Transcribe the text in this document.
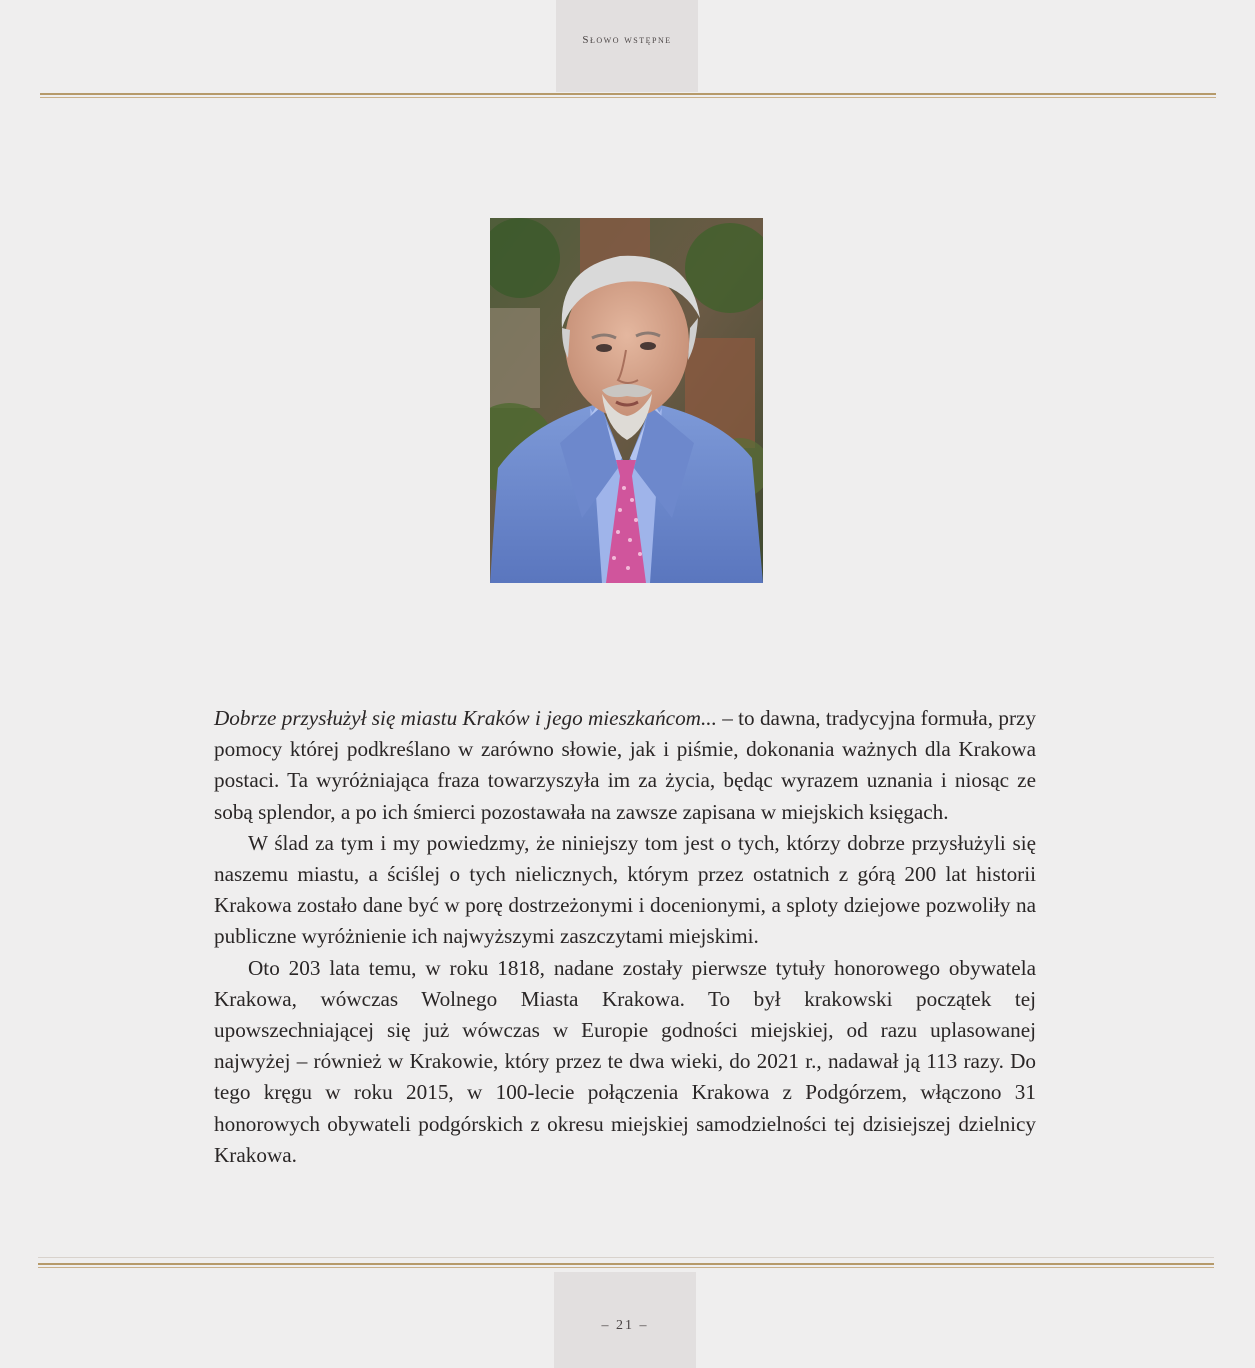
Słowo wstępne

Dobrze przysłużył się miastu Kraków i jego mieszkańcom... – to dawna, tradycyjna formuła, przy pomocy której podkreślano w zarówno słowie, jak i piśmie, dokonania ważnych dla Krakowa postaci. Ta wyróżniająca fraza towarzyszyła im za życia, będąc wyrazem uznania i niosąc ze sobą splendor, a po ich śmierci pozostawała na zawsze zapisana w miejskich księgach.

W ślad za tym i my powiedzmy, że niniejszy tom jest o tych, którzy dobrze przysłużyli się naszemu miastu, a ściślej o tych nielicznych, którym przez ostatnich z górą 200 lat historii Krakowa zostało dane być w porę dostrzeżonymi i docenionymi, a sploty dziejowe pozwoliły na publiczne wyróżnienie ich najwyższymi zaszczytami miejskimi.

Oto 203 lata temu, w roku 1818, nadane zostały pierwsze tytuły honorowego obywatela Krakowa, wówczas Wolnego Miasta Krakowa. To był krakowski początek tej upowszechniającej się już wówczas w Europie godności miejskiej, od razu uplasowanej najwyżej – również w Krakowie, który przez te dwa wieki, do 2021 r., nadawał ją 113 razy. Do tego kręgu w roku 2015, w 100-lecie połączenia Krakowa z Podgórzem, włączono 31 honorowych obywateli podgórskich z okresu miejskiej samodzielności tej dzisiejszej dzielnicy Krakowa.

– 21 –
